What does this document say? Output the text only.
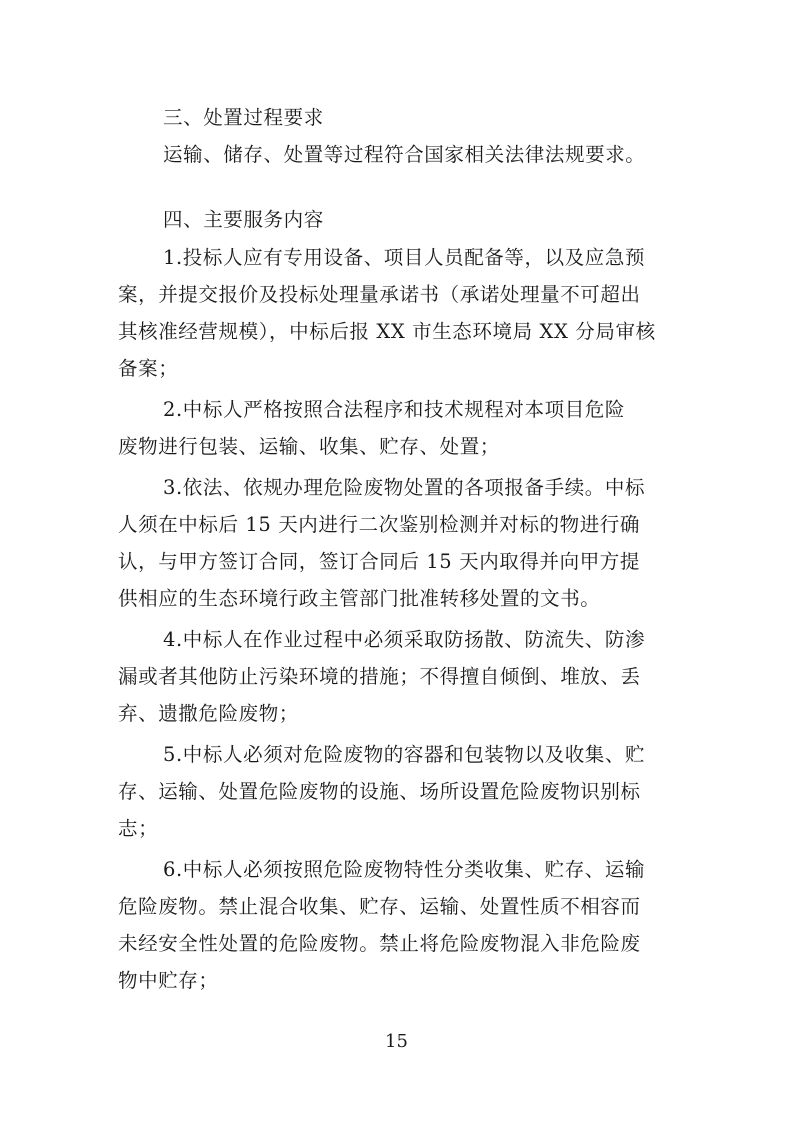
三、处置过程要求
运输、储存、处置等过程符合国家相关法律法规要求。
四、主要服务内容
1.投标人应有专用设备、项目人员配备等，以及应急预
案，并提交报价及投标处理量承诺书（承诺处理量不可超出
其核准经营规模），中标后报 XX 市生态环境局 XX 分局审核
备案；
2.中标人严格按照合法程序和技术规程对本项目危险
废物进行包装、运输、收集、贮存、处置；
3.依法、依规办理危险废物处置的各项报备手续。中标
人须在中标后 15 天内进行二次鉴别检测并对标的物进行确
认，与甲方签订合同，签订合同后 15 天内取得并向甲方提
供相应的生态环境行政主管部门批准转移处置的文书。
4.中标人在作业过程中必须采取防扬散、防流失、防渗
漏或者其他防止污染环境的措施；不得擅自倾倒、堆放、丢
弃、遗撒危险废物；
5.中标人必须对危险废物的容器和包装物以及收集、贮
存、运输、处置危险废物的设施、场所设置危险废物识别标
志；
6.中标人必须按照危险废物特性分类收集、贮存、运输
危险废物。禁止混合收集、贮存、运输、处置性质不相容而
未经安全性处置的危险废物。禁止将危险废物混入非危险废
物中贮存；
15
